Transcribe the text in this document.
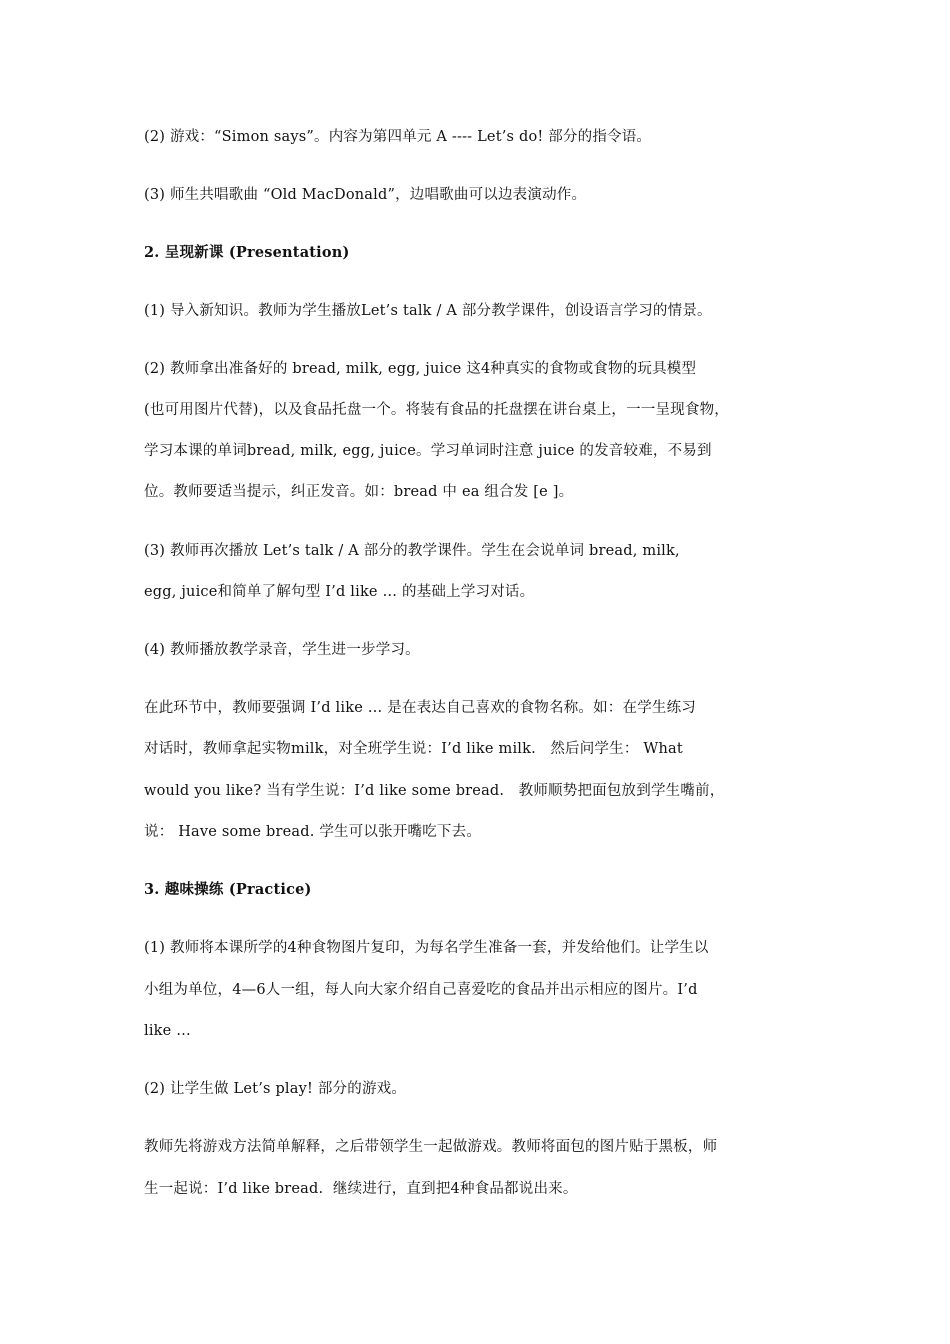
(2) 游戏：“Simon says”。内容为第四单元 A ---- Let’s do! 部分的指令语。
(3) 师生共唱歌曲 “Old MacDonald”，边唱歌曲可以边表演动作。
2. 呈现新课 (Presentation)
(1) 导入新知识。教师为学生播放Let’s talk / A 部分教学课件，创设语言学习的情景。
(2) 教师拿出准备好的 bread, milk, egg, juice 这4种真实的食物或食物的玩具模型
(也可用图片代替)，以及食品托盘一个。将装有食品的托盘摆在讲台桌上，一一呈现食物，
学习本课的单词bread, milk, egg, juice。学习单词时注意 juice 的发音较难，不易到
位。教师要适当提示，纠正发音。如：bread 中 ea 组合发 [e ]。
(3) 教师再次播放 Let’s talk / A 部分的教学课件。学生在会说单词 bread, milk,
egg, juice和简单了解句型 I’d like … 的基础上学习对话。
(4) 教师播放教学录音，学生进一步学习。
在此环节中，教师要强调 I’d like … 是在表达自己喜欢的食物名称。如：在学生练习
对话时，教师拿起实物milk，对全班学生说：I’d like milk.   然后问学生： What
would you like? 当有学生说：I’d like some bread.   教师顺势把面包放到学生嘴前，
说： Have some bread. 学生可以张开嘴吃下去。
3. 趣味操练 (Practice)
(1) 教师将本课所学的4种食物图片复印，为每名学生准备一套，并发给他们。让学生以
小组为单位，4—6人一组，每人向大家介绍自己喜爱吃的食品并出示相应的图片。I’d
like …
(2) 让学生做 Let’s play! 部分的游戏。
教师先将游戏方法简单解释，之后带领学生一起做游戏。教师将面包的图片贴于黑板，师
生一起说：I’d like bread.  继续进行，直到把4种食品都说出来。
